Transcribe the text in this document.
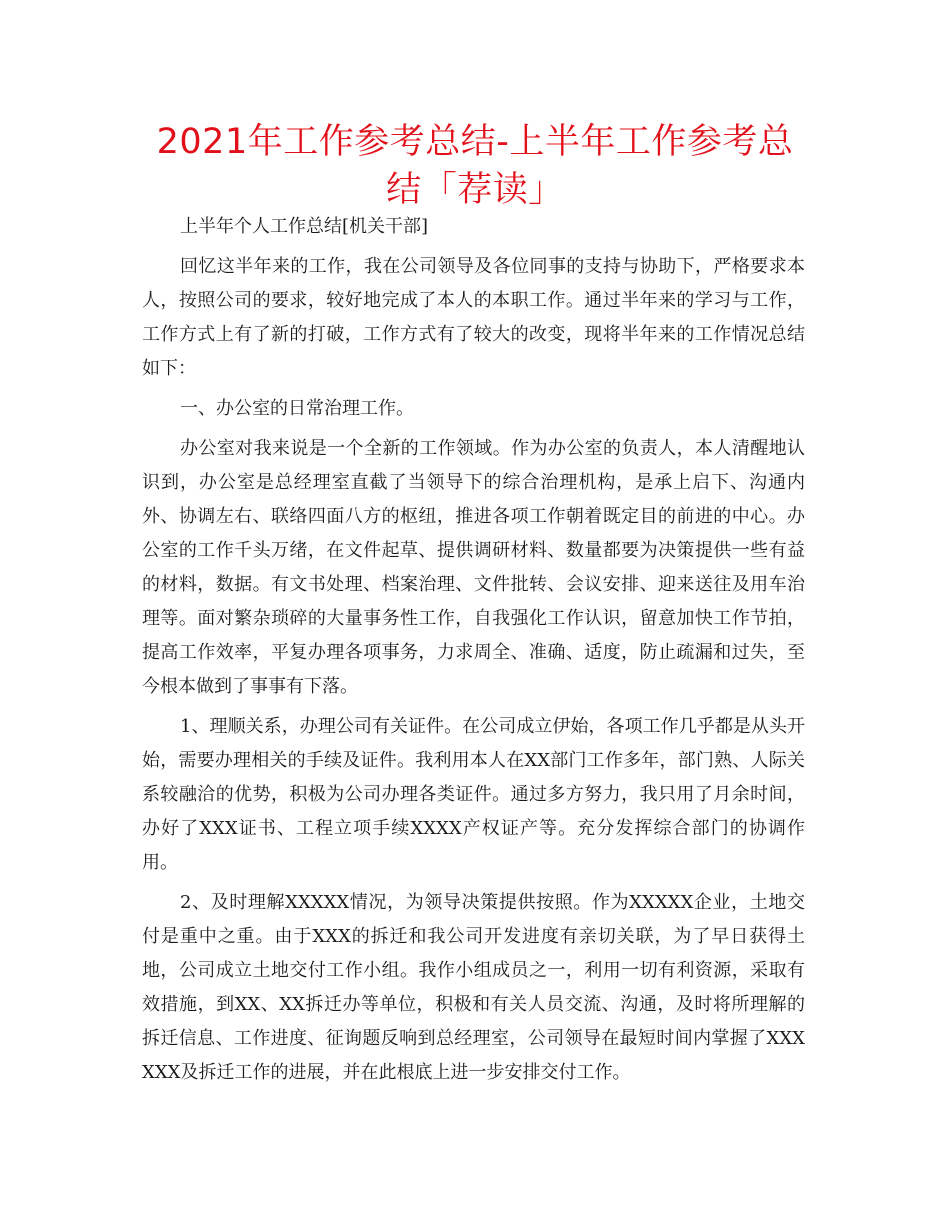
2021年工作参考总结-上半年工作参考总结「荐读」

上半年个人工作总结[机关干部]

回忆这半年来的工作，我在公司领导及各位同事的支持与协助下，严格要求本人，按照公司的要求，较好地完成了本人的本职工作。通过半年来的学习与工作，工作方式上有了新的打破，工作方式有了较大的改变，现将半年来的工作情况总结如下：

一、办公室的日常治理工作。

办公室对我来说是一个全新的工作领域。作为办公室的负责人，本人清醒地认识到，办公室是总经理室直截了当领导下的综合治理机构，是承上启下、沟通内外、协调左右、联络四面八方的枢纽，推进各项工作朝着既定目的前进的中心。办公室的工作千头万绪，在文件起草、提供调研材料、数量都要为决策提供一些有益的材料，数据。有文书处理、档案治理、文件批转、会议安排、迎来送往及用车治理等。面对繁杂琐碎的大量事务性工作，自我强化工作认识，留意加快工作节拍，提高工作效率，平复办理各项事务，力求周全、准确、适度，防止疏漏和过失，至今根本做到了事事有下落。

1、理顺关系，办理公司有关证件。在公司成立伊始，各项工作几乎都是从头开始，需要办理相关的手续及证件。我利用本人在XX部门工作多年，部门熟、人际关系较融洽的优势，积极为公司办理各类证件。通过多方努力，我只用了月余时间，办好了XXX证书、工程立项手续XXXX产权证产等。充分发挥综合部门的协调作用。

2、及时理解XXXXX情况，为领导决策提供按照。作为XXXXX企业，土地交付是重中之重。由于XXX的拆迁和我公司开发进度有亲切关联，为了早日获得土地，公司成立土地交付工作小组。我作小组成员之一，利用一切有利资源，采取有效措施，到XX、XX拆迁办等单位，积极和有关人员交流、沟通，及时将所理解的拆迁信息、工作进度、征询题反响到总经理室，公司领导在最短时间内掌握了XXXXXX及拆迁工作的进展，并在此根底上进一步安排交付工作。
